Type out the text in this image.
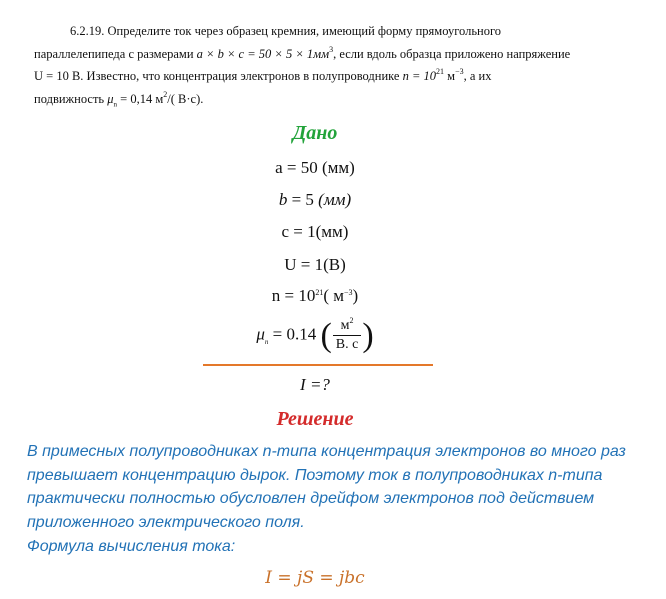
6.2.19. Определите ток через образец кремния, имеющий форму прямоугольного

параллелепипеда с размерами $a \times b \times c = 50 \times 5 \times 1мм^3$, если вдоль образца приложено напряжение

U = 10 В. Известно, что концентрация электронов в полупроводнике $n = 10^{21}$ $м^{-3}$, а их

подвижность $\mu_n = 0,14$ $м^2/$( В·с).

Дано
a = 50 (мм)
b = 5 (мм)
c = 1(мм)
U = 1(В)
$n = 10^{21}$( $м^{-3}$)
$\mu_n = 0.14$ ( $\frac{м^2}{В. с}$ )
I =?
Решение
В примесных полупроводниках n-типа концентрация электронов во много раз превышает концентрацию дырок. Поэтому ток в полупроводниках n-типа практически полностью обусловлен дрейфом электронов под действием приложенного электрического поля.
Формула вычисления тока:
I = jS = jbc
